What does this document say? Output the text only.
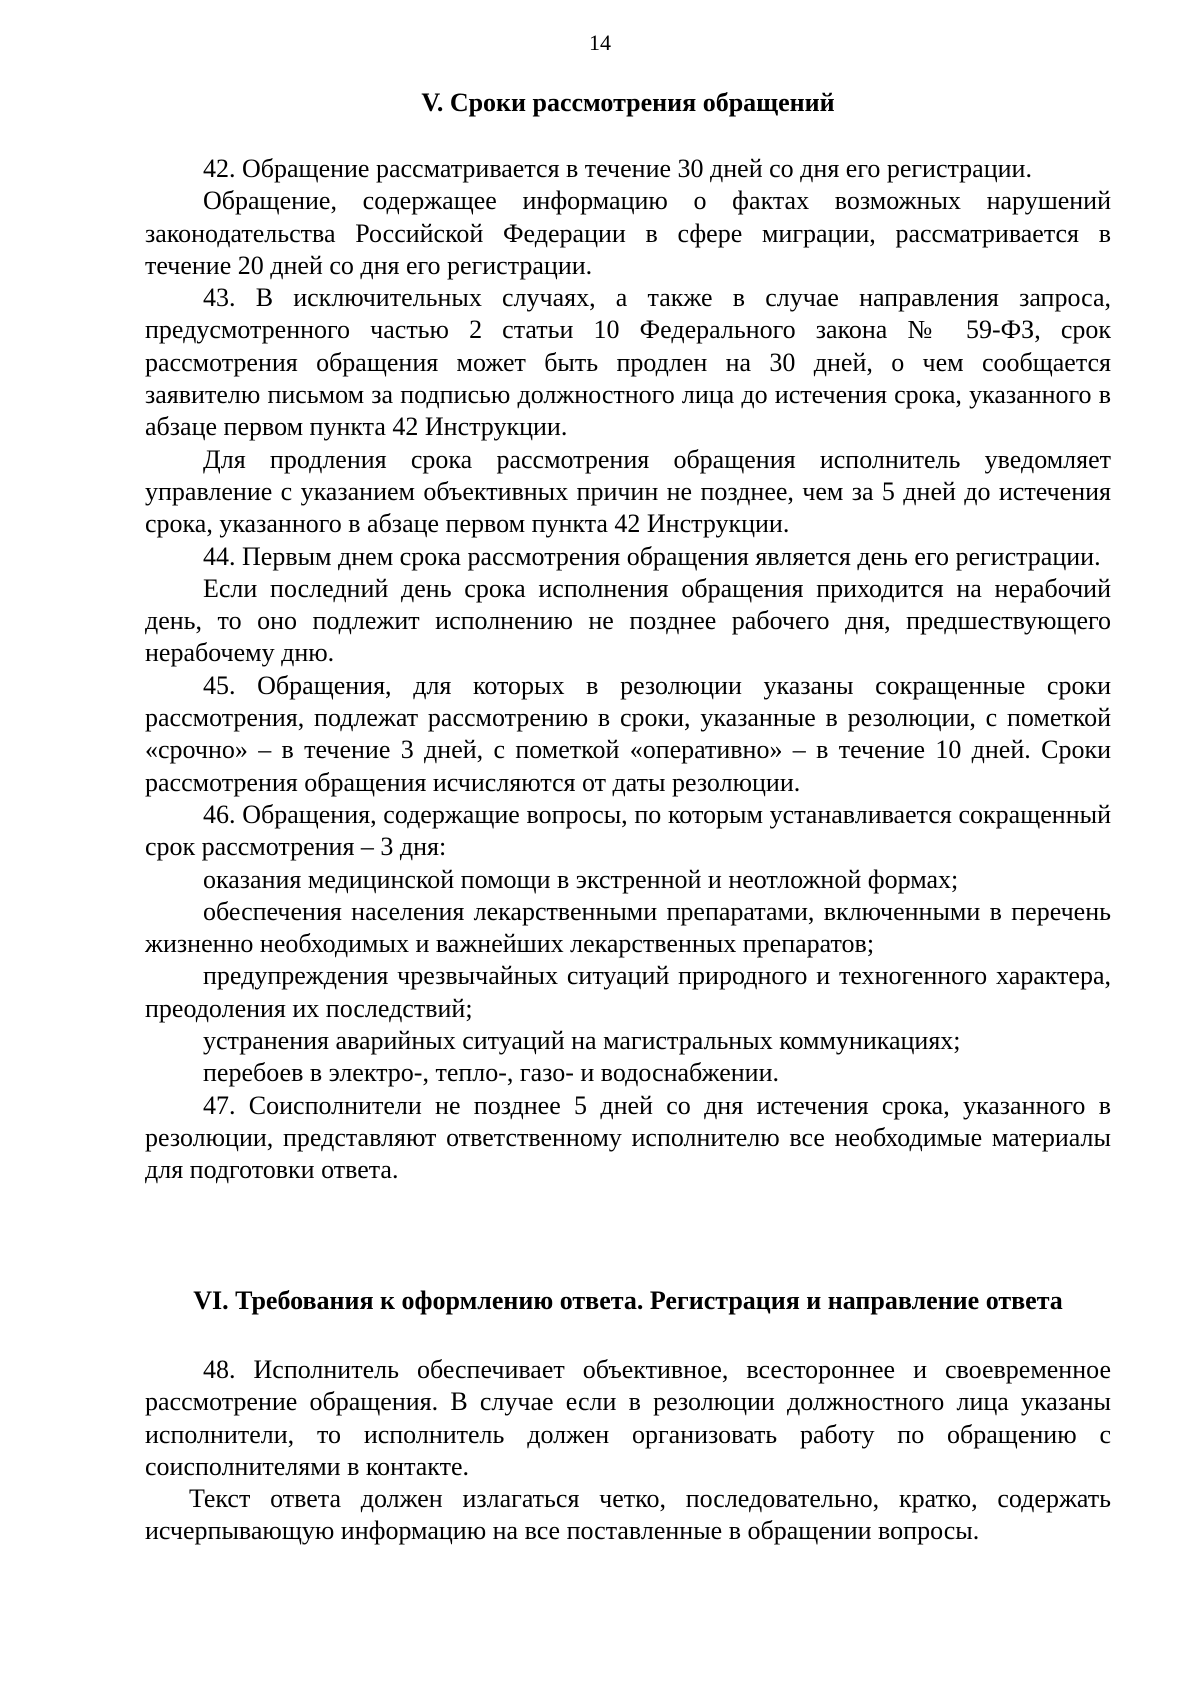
14
V. Сроки рассмотрения обращений

42. Обращение рассматривается в течение 30 дней со дня его регистрации.

Обращение, содержащее информацию о фактах возможных нарушений законодательства Российской Федерации в сфере миграции, рассматривается в течение 20 дней со дня его регистрации.

43. В исключительных случаях, а также в случае направления запроса, предусмотренного частью 2 статьи 10 Федерального закона № 59-ФЗ, срок рассмотрения обращения может быть продлен на 30 дней, о чем сообщается заявителю письмом за подписью должностного лица до истечения срока, указанного в абзаце первом пункта 42 Инструкции.

Для продления срока рассмотрения обращения исполнитель уведомляет управление с указанием объективных причин не позднее, чем за 5 дней до истечения срока, указанного в абзаце первом пункта 42 Инструкции.

44. Первым днем срока рассмотрения обращения является день его регистрации.

Если последний день срока исполнения обращения приходится на нерабочий день, то оно подлежит исполнению не позднее рабочего дня, предшествующего нерабочему дню.

45. Обращения, для которых в резолюции указаны сокращенные сроки рассмотрения, подлежат рассмотрению в сроки, указанные в резолюции, с пометкой «срочно» – в течение 3 дней, с пометкой «оперативно» – в течение 10 дней. Сроки рассмотрения обращения исчисляются от даты резолюции.

46. Обращения, содержащие вопросы, по которым устанавливается сокращенный срок рассмотрения – 3 дня:

оказания медицинской помощи в экстренной и неотложной формах;

обеспечения населения лекарственными препаратами, включенными в перечень жизненно необходимых и важнейших лекарственных препаратов;

предупреждения чрезвычайных ситуаций природного и техногенного характера, преодоления их последствий;

устранения аварийных ситуаций на магистральных коммуникациях;

перебоев в электро-, тепло-, газо- и водоснабжении.

47. Соисполнители не позднее 5 дней со дня истечения срока, указанного в резолюции, представляют ответственному исполнителю все необходимые материалы для подготовки ответа.

VI. Требования к оформлению ответа. Регистрация и направление ответа

48. Исполнитель обеспечивает объективное, всестороннее и своевременное рассмотрение обращения. В случае если в резолюции должностного лица указаны исполнители, то исполнитель должен организовать работу по обращению с соисполнителями в контакте.

Текст ответа должен излагаться четко, последовательно, кратко, содержать исчерпывающую информацию на все поставленные в обращении вопросы.
